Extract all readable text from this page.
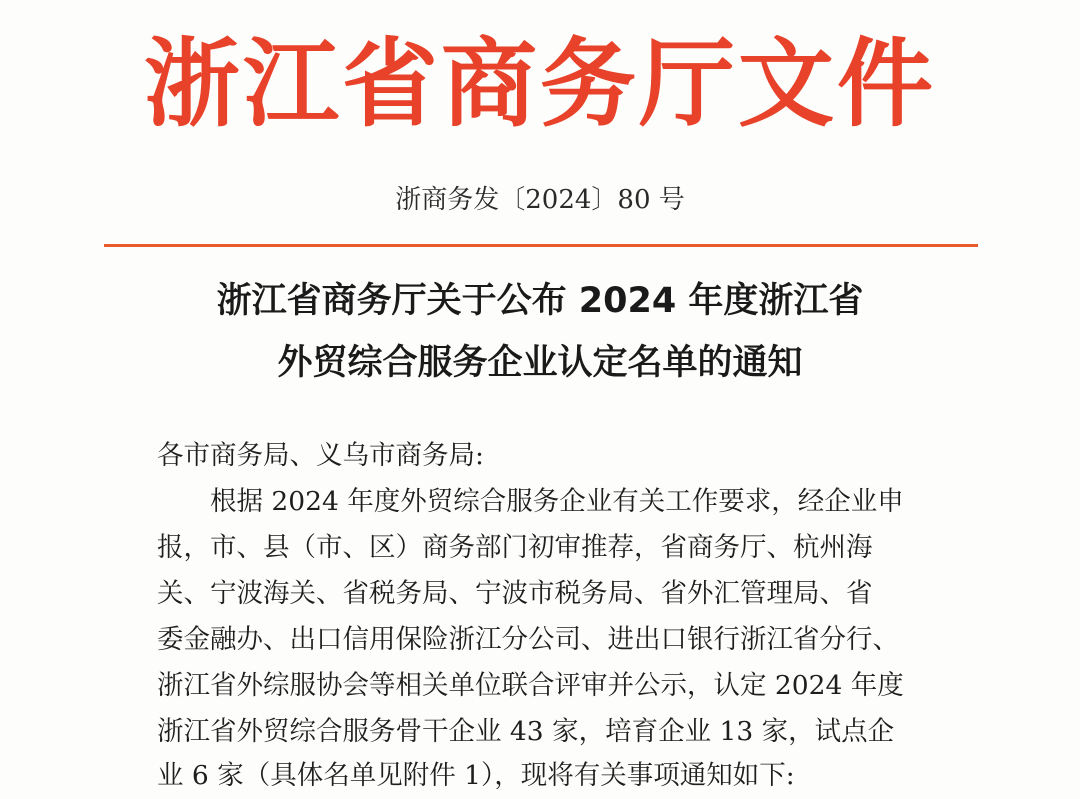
浙江省商务厅文件
浙商务发〔2024〕80 号
浙江省商务厅关于公布 2024 年度浙江省
外贸综合服务企业认定名单的通知
各市商务局、义乌市商务局:
　　根据 2024 年度外贸综合服务企业有关工作要求，经企业申
报，市、县（市、区）商务部门初审推荐，省商务厅、杭州海
关、宁波海关、省税务局、宁波市税务局、省外汇管理局、省
委金融办、出口信用保险浙江分公司、进出口银行浙江省分行、
浙江省外综服协会等相关单位联合评审并公示，认定 2024 年度
浙江省外贸综合服务骨干企业 43 家，培育企业 13 家，试点企
业 6 家（具体名单见附件 1），现将有关事项通知如下:
